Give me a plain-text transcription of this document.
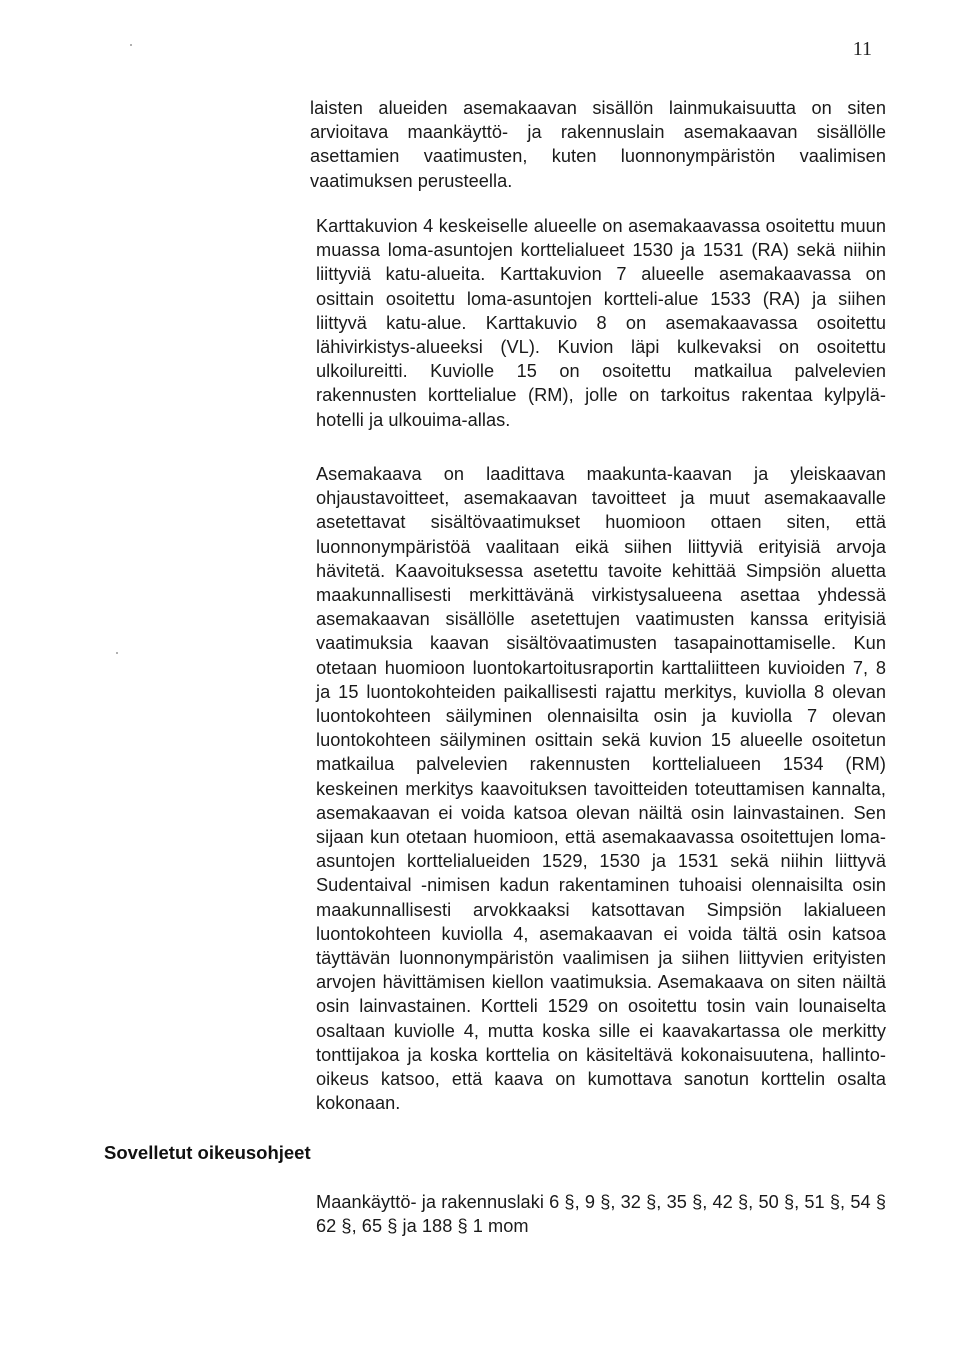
11

laisten alueiden asemakaavan sisällön lainmukaisuutta on siten arvioitava maankäyttö- ja rakennuslain asemakaavan sisällölle asettamien vaatimusten, kuten luonnonympäristön vaalimisen vaatimuksen perusteella.

Karttakuvion 4 keskeiselle alueelle on asemakaavassa osoitettu muun muassa loma-asuntojen korttelialueet 1530 ja 1531 (RA) sekä niihin liittyviä katu-alueita. Karttakuvion 7 alueelle asemakaavassa on osittain osoitettu loma-asuntojen kortteli-alue 1533 (RA) ja siihen liittyvä katu-alue. Karttakuvio 8 on asemakaavassa osoitettu lähivirkistys-alueeksi (VL). Kuvion läpi kulkevaksi on osoitettu ulkoilureitti. Kuviolle 15 on osoitettu matkailua palvelevien rakennusten korttelialue (RM), jolle on tarkoitus rakentaa kylpylä-hotelli ja ulkouima-allas.

Asemakaava on laadittava maakunta-kaavan ja yleiskaavan ohjaustavoitteet, asemakaavan tavoitteet ja muut asemakaavalle asetettavat sisältövaatimukset huomioon ottaen siten, että luonnonympäristöä vaalitaan eikä siihen liittyviä erityisiä arvoja hävitetä. Kaavoituksessa asetettu tavoite kehittää Simpsiön aluetta maakunnallisesti merkittävänä virkistysalueena asettaa yhdessä asemakaavan sisällölle asetettujen vaatimusten kanssa erityisiä vaatimuksia kaavan sisältövaatimusten tasapainottamiselle. Kun otetaan huomioon luontokartoitusraportin karttaliitteen kuvioiden 7, 8 ja 15 luontokohteiden paikallisesti rajattu merkitys, kuviolla 8 olevan luontokohteen säilyminen olennaisilta osin ja kuviolla 7 olevan luontokohteen säilyminen osittain sekä kuvion 15 alueelle osoitetun matkailua palvelevien rakennusten korttelialueen 1534 (RM) keskeinen merkitys kaavoituksen tavoitteiden toteuttamisen kannalta, asemakaavan ei voida katsoa olevan näiltä osin lainvastainen. Sen sijaan kun otetaan huomioon, että asemakaavassa osoitettujen loma-asuntojen korttelialueiden 1529, 1530 ja 1531 sekä niihin liittyvä Sudentaival -nimisen kadun rakentaminen tuhoaisi olennaisilta osin maakunnallisesti arvokkaaksi katsottavan Simpsiön lakialueen luontokohteen kuviolla 4, asemakaavan ei voida tältä osin katsoa täyttävän luonnonympäristön vaalimisen ja siihen liittyvien erityisten arvojen hävittämisen kiellon vaatimuksia. Asemakaava on siten näiltä osin lainvastainen. Kortteli 1529 on osoitettu tosin vain lounaiselta osaltaan kuviolle 4, mutta koska sille ei kaavakartassa ole merkitty tonttijakoa ja koska korttelia on käsiteltävä kokonaisuutena, hallinto-oikeus katsoo, että kaava on kumottava sanotun korttelin osalta kokonaan.

Sovelletut oikeusohjeet

Maankäyttö- ja rakennuslaki 6 §, 9 §, 32 §, 35 §, 42 §, 50 §, 51 §, 54 § 62 §, 65 § ja 188 § 1 mom
